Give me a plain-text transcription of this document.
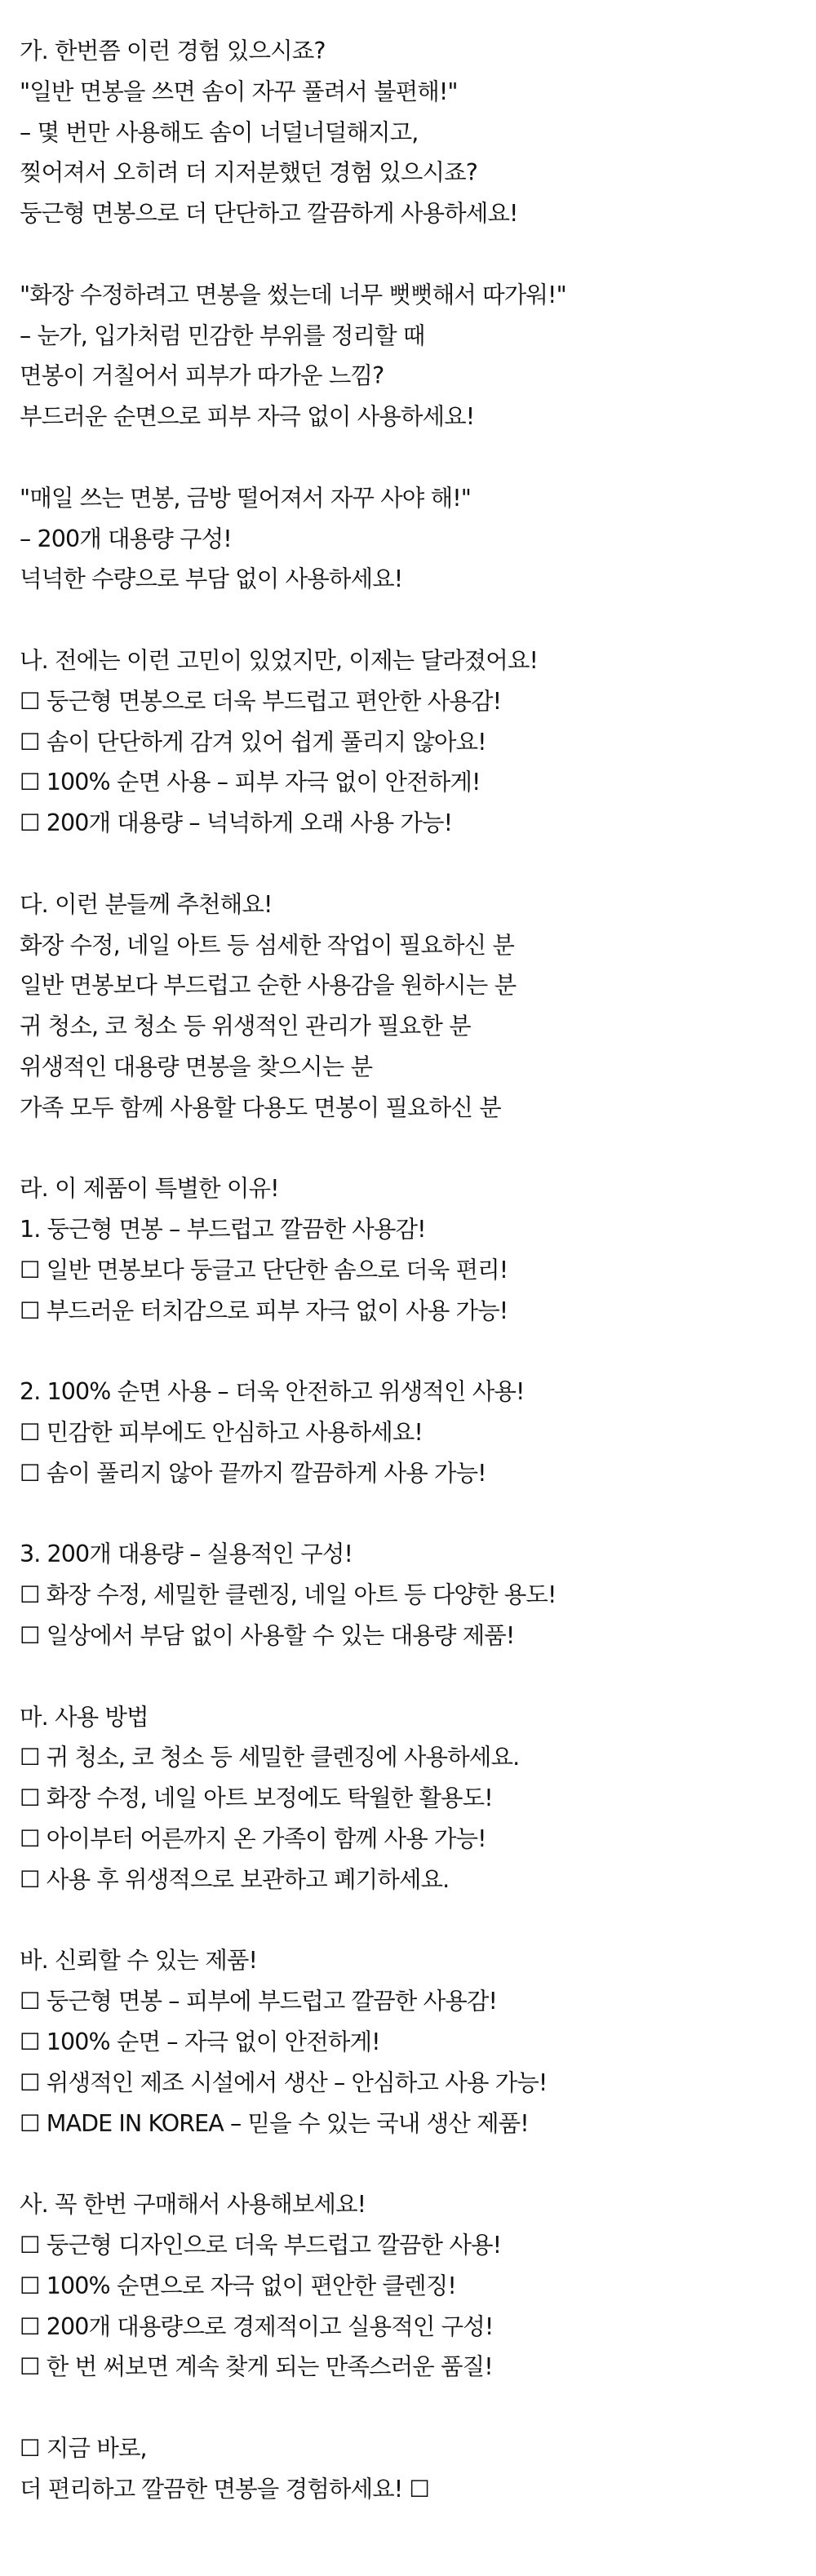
가. 한번쯤 이런 경험 있으시죠?
"일반 면봉을 쓰면 솜이 자꾸 풀려서 불편해!"
– 몇 번만 사용해도 솜이 너덜너덜해지고,
찢어져서 오히려 더 지저분했던 경험 있으시죠?
둥근형 면봉으로 더 단단하고 깔끔하게 사용하세요!
"화장 수정하려고 면봉을 썼는데 너무 뻣뻣해서 따가워!"
– 눈가, 입가처럼 민감한 부위를 정리할 때
면봉이 거칠어서 피부가 따가운 느낌?
부드러운 순면으로 피부 자극 없이 사용하세요!
"매일 쓰는 면봉, 금방 떨어져서 자꾸 사야 해!"
– 200개 대용량 구성!
넉넉한 수량으로 부담 없이 사용하세요!
나. 전에는 이런 고민이 있었지만, 이제는 달라졌어요!
☐ 둥근형 면봉으로 더욱 부드럽고 편안한 사용감!
☐ 솜이 단단하게 감겨 있어 쉽게 풀리지 않아요!
☐ 100% 순면 사용 – 피부 자극 없이 안전하게!
☐ 200개 대용량 – 넉넉하게 오래 사용 가능!
다. 이런 분들께 추천해요!
화장 수정, 네일 아트 등 섬세한 작업이 필요하신 분
일반 면봉보다 부드럽고 순한 사용감을 원하시는 분
귀 청소, 코 청소 등 위생적인 관리가 필요한 분
위생적인 대용량 면봉을 찾으시는 분
가족 모두 함께 사용할 다용도 면봉이 필요하신 분
라. 이 제품이 특별한 이유!
1. 둥근형 면봉 – 부드럽고 깔끔한 사용감!
☐ 일반 면봉보다 둥글고 단단한 솜으로 더욱 편리!
☐ 부드러운 터치감으로 피부 자극 없이 사용 가능!
2. 100% 순면 사용 – 더욱 안전하고 위생적인 사용!
☐ 민감한 피부에도 안심하고 사용하세요!
☐ 솜이 풀리지 않아 끝까지 깔끔하게 사용 가능!
3. 200개 대용량 – 실용적인 구성!
☐ 화장 수정, 세밀한 클렌징, 네일 아트 등 다양한 용도!
☐ 일상에서 부담 없이 사용할 수 있는 대용량 제품!
마. 사용 방법
☐ 귀 청소, 코 청소 등 세밀한 클렌징에 사용하세요.
☐ 화장 수정, 네일 아트 보정에도 탁월한 활용도!
☐ 아이부터 어른까지 온 가족이 함께 사용 가능!
☐ 사용 후 위생적으로 보관하고 폐기하세요.
바. 신뢰할 수 있는 제품!
☐ 둥근형 면봉 – 피부에 부드럽고 깔끔한 사용감!
☐ 100% 순면 – 자극 없이 안전하게!
☐ 위생적인 제조 시설에서 생산 – 안심하고 사용 가능!
☐ MADE IN KOREA – 믿을 수 있는 국내 생산 제품!
사. 꼭 한번 구매해서 사용해보세요!
☐ 둥근형 디자인으로 더욱 부드럽고 깔끔한 사용!
☐ 100% 순면으로 자극 없이 편안한 클렌징!
☐ 200개 대용량으로 경제적이고 실용적인 구성!
☐ 한 번 써보면 계속 찾게 되는 만족스러운 품질!
☐ 지금 바로,
더 편리하고 깔끔한 면봉을 경험하세요! ☐
